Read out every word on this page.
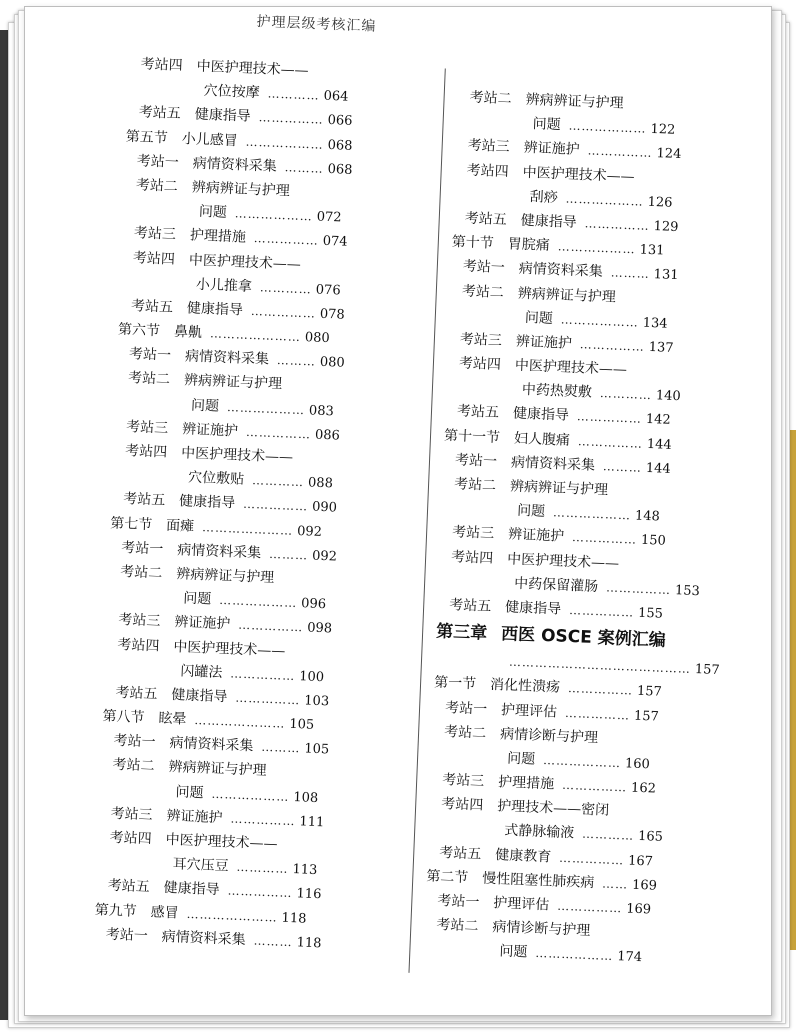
护理层级考核汇编
考站四 中医护理技术——
穴位按摩 ………… 064
考站五 健康指导 …………… 066
第五节 小儿感冒 ……………… 068
考站一 病情资料采集 ……… 068
考站二 辨病辨证与护理
问题 ……………… 072
考站三 护理措施 …………… 074
考站四 中医护理技术——
小儿推拿 ………… 076
考站五 健康指导 …………… 078
第六节 鼻鼽 ………………… 080
考站一 病情资料采集 ……… 080
考站二 辨病辨证与护理
问题 ……………… 083
考站三 辨证施护 …………… 086
考站四 中医护理技术——
穴位敷贴 ………… 088
考站五 健康指导 …………… 090
第七节 面瘫 ………………… 092
考站一 病情资料采集 ……… 092
考站二 辨病辨证与护理
问题 ……………… 096
考站三 辨证施护 …………… 098
考站四 中医护理技术——
闪罐法 …………… 100
考站五 健康指导 …………… 103
第八节 眩晕 ………………… 105
考站一 病情资料采集 ……… 105
考站二 辨病辨证与护理
问题 ……………… 108
考站三 辨证施护 …………… 111
考站四 中医护理技术——
耳穴压豆 ………… 113
考站五 健康指导 …………… 116
第九节 感冒 ………………… 118
考站一 病情资料采集 ……… 118
考站二 辨病辨证与护理
问题 ……………… 122
考站三 辨证施护 …………… 124
考站四 中医护理技术——
刮痧 ……………… 126
考站五 健康指导 …………… 129
第十节 胃脘痛 ……………… 131
考站一 病情资料采集 ……… 131
考站二 辨病辨证与护理
问题 ……………… 134
考站三 辨证施护 …………… 137
考站四 中医护理技术——
中药热熨敷 ………… 140
考站五 健康指导 …………… 142
第十一节 妇人腹痛 …………… 144
考站一 病情资料采集 ……… 144
考站二 辨病辨证与护理
问题 ……………… 148
考站三 辨证施护 …………… 150
考站四 中医护理技术——
中药保留灌肠 …………… 153
考站五 健康指导 …………… 155
第三章 西医 OSCE 案例汇编
…………………………………… 157
第一节 消化性溃疡 …………… 157
考站一 护理评估 …………… 157
考站二 病情诊断与护理
问题 ……………… 160
考站三 护理措施 …………… 162
考站四 护理技术——密闭
式静脉输液 ………… 165
考站五 健康教育 …………… 167
第二节 慢性阻塞性肺疾病 …… 169
考站一 护理评估 …………… 169
考站二 病情诊断与护理
问题 ……………… 174
